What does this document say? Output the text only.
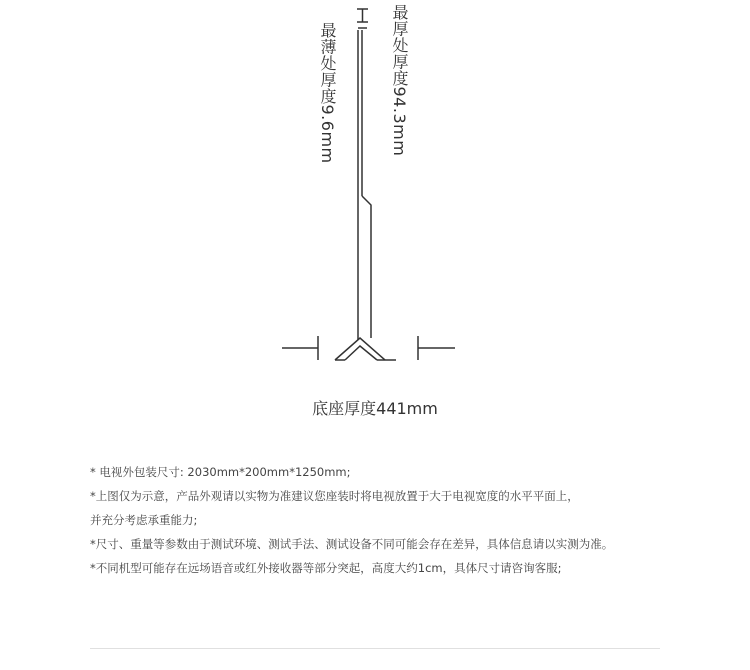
最薄处厚度9.6mm	最厚处厚度94.3mm
底座厚度441mm
* 电视外包装尺寸: 2030mm*200mm*1250mm;
*上图仅为示意，产品外观请以实物为准建议您座装时将电视放置于大于电视宽度的水平平面上，
并充分考虑承重能力;
*尺寸、重量等参数由于测试环境、测试手法、测试设备不同可能会存在差异，具体信息请以实测为准。
*不同机型可能存在远场语音或红外接收器等部分突起，高度大约1cm，具体尺寸请咨询客服;
